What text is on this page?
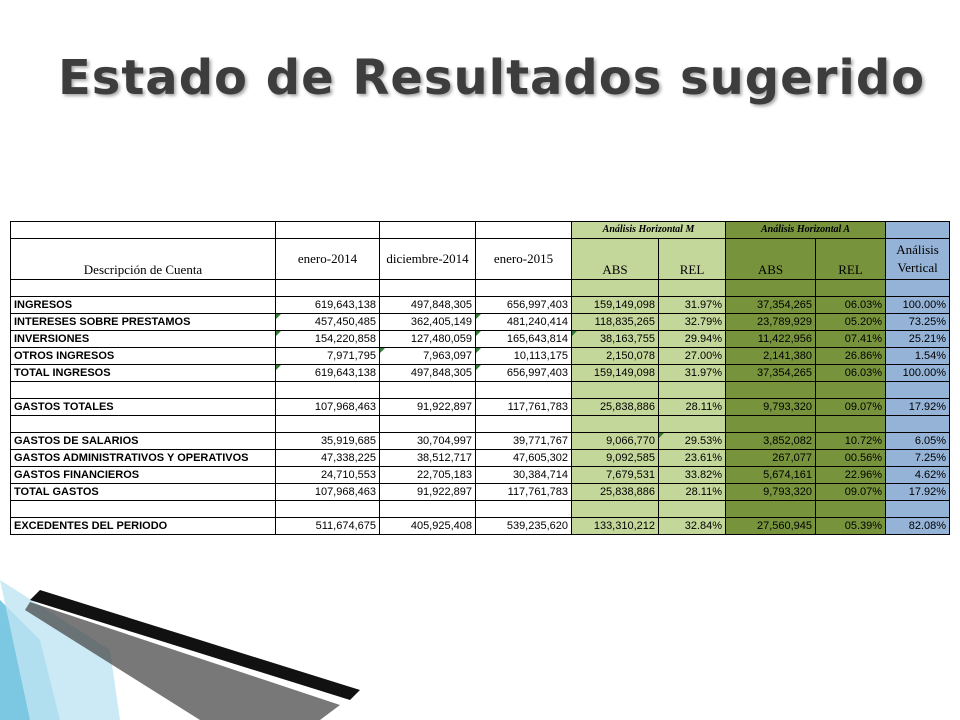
Estado de Resultados sugerido
				Análisis Horizontal M		Análisis Horizontal A		
Descripción de Cuenta	enero-2014	diciembre-2014	enero-2015	ABS	REL	ABS	REL	Análisis
Vertical

INGRESOS	619,643,138	497,848,305	656,997,403	159,149,098	31.97%	37,354,265	06.03%	100.00%
INTERESES SOBRE PRESTAMOS	457,450,485	362,405,149	481,240,414	118,835,265	32.79%	23,789,929	05.20%	73.25%
INVERSIONES	154,220,858	127,480,059	165,643,814	38,163,755	29.94%	11,422,956	07.41%	25.21%
OTROS INGRESOS	7,971,795	7,963,097	10,113,175	2,150,078	27.00%	2,141,380	26.86%	1.54%
TOTAL INGRESOS	619,643,138	497,848,305	656,997,403	159,149,098	31.97%	37,354,265	06.03%	100.00%

GASTOS TOTALES	107,968,463	91,922,897	117,761,783	25,838,886	28.11%	9,793,320	09.07%	17.92%

GASTOS DE SALARIOS	35,919,685	30,704,997	39,771,767	9,066,770	29.53%	3,852,082	10.72%	6.05%
GASTOS ADMINISTRATIVOS Y OPERATIVOS	47,338,225	38,512,717	47,605,302	9,092,585	23.61%	267,077	00.56%	7.25%
GASTOS FINANCIEROS	24,710,553	22,705,183	30,384,714	7,679,531	33.82%	5,674,161	22.96%	4.62%
TOTAL GASTOS	107,968,463	91,922,897	117,761,783	25,838,886	28.11%	9,793,320	09.07%	17.92%

EXCEDENTES DEL PERIODO	511,674,675	405,925,408	539,235,620	133,310,212	32.84%	27,560,945	05.39%	82.08%
